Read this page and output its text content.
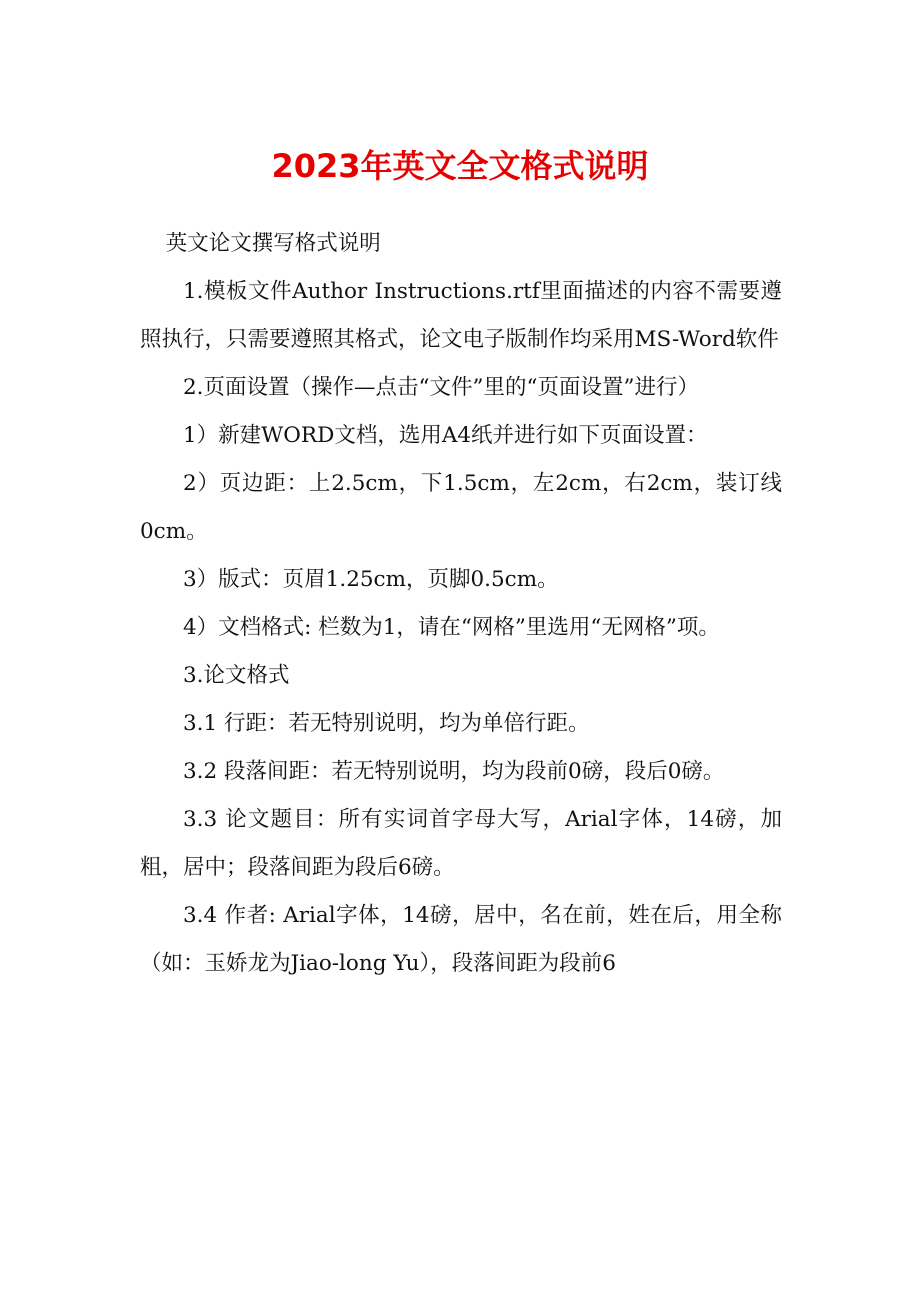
2023年英文全文格式说明

英文论文撰写格式说明

1.模板文件Author Instructions.rtf里面描述的内容不需要遵照执行，只需要遵照其格式，论文电子版制作均采用MS-Word软件

2.页面设置（操作—点击“文件”里的“页面设置”进行）

1）新建WORD文档，选用A4纸并进行如下页面设置：

2）页边距：上2.5cm，下1.5cm，左2cm，右2cm，装订线0cm。

3）版式：页眉1.25cm，页脚0.5cm。

4）文档格式: 栏数为1，请在“网格”里选用“无网格”项。

3.论文格式

3.1 行距：若无特别说明，均为单倍行距。

3.2 段落间距：若无特别说明，均为段前0磅，段后0磅。

3.3 论文题目：所有实词首字母大写，Arial字体，14磅，加粗，居中；段落间距为段后6磅。

3.4 作者: Arial字体，14磅，居中，名在前，姓在后，用全称（如：玉娇龙为Jiao-long Yu），段落间距为段前6
